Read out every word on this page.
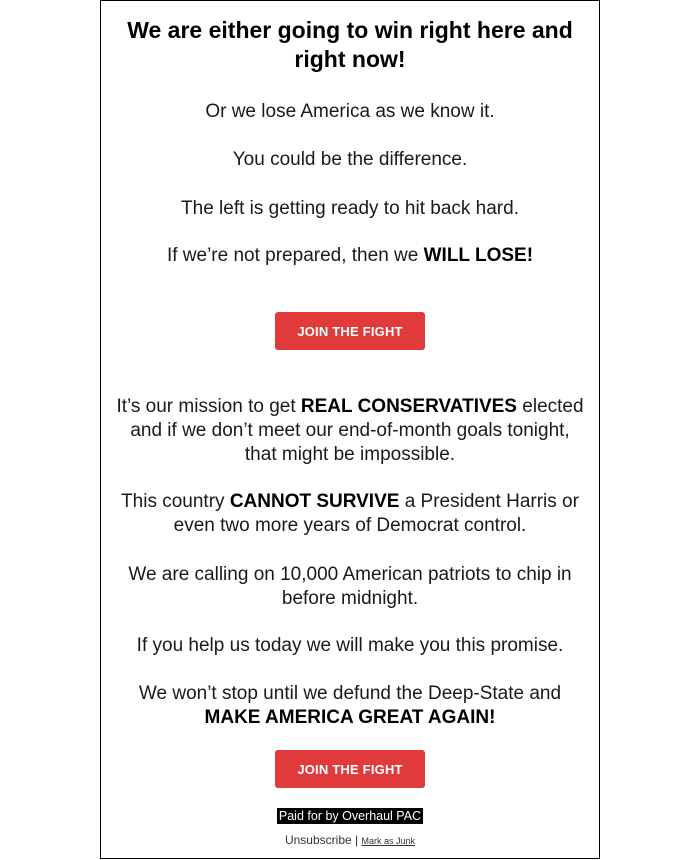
We are either going to win right here and right now!

Or we lose America as we know it.

You could be the difference.

The left is getting ready to hit back hard.

If we’re not prepared, then we WILL LOSE!

JOIN THE FIGHT

It’s our mission to get REAL CONSERVATIVES elected and if we don’t meet our end-of-month goals tonight, that might be impossible.

This country CANNOT SURVIVE a President Harris or even two more years of Democrat control.

We are calling on 10,000 American patriots to chip in before midnight.

If you help us today we will make you this promise.

We won’t stop until we defund the Deep-State and MAKE AMERICA GREAT AGAIN!

JOIN THE FIGHT
Paid for by Overhaul PAC
Unsubscribe | Mark as Junk
